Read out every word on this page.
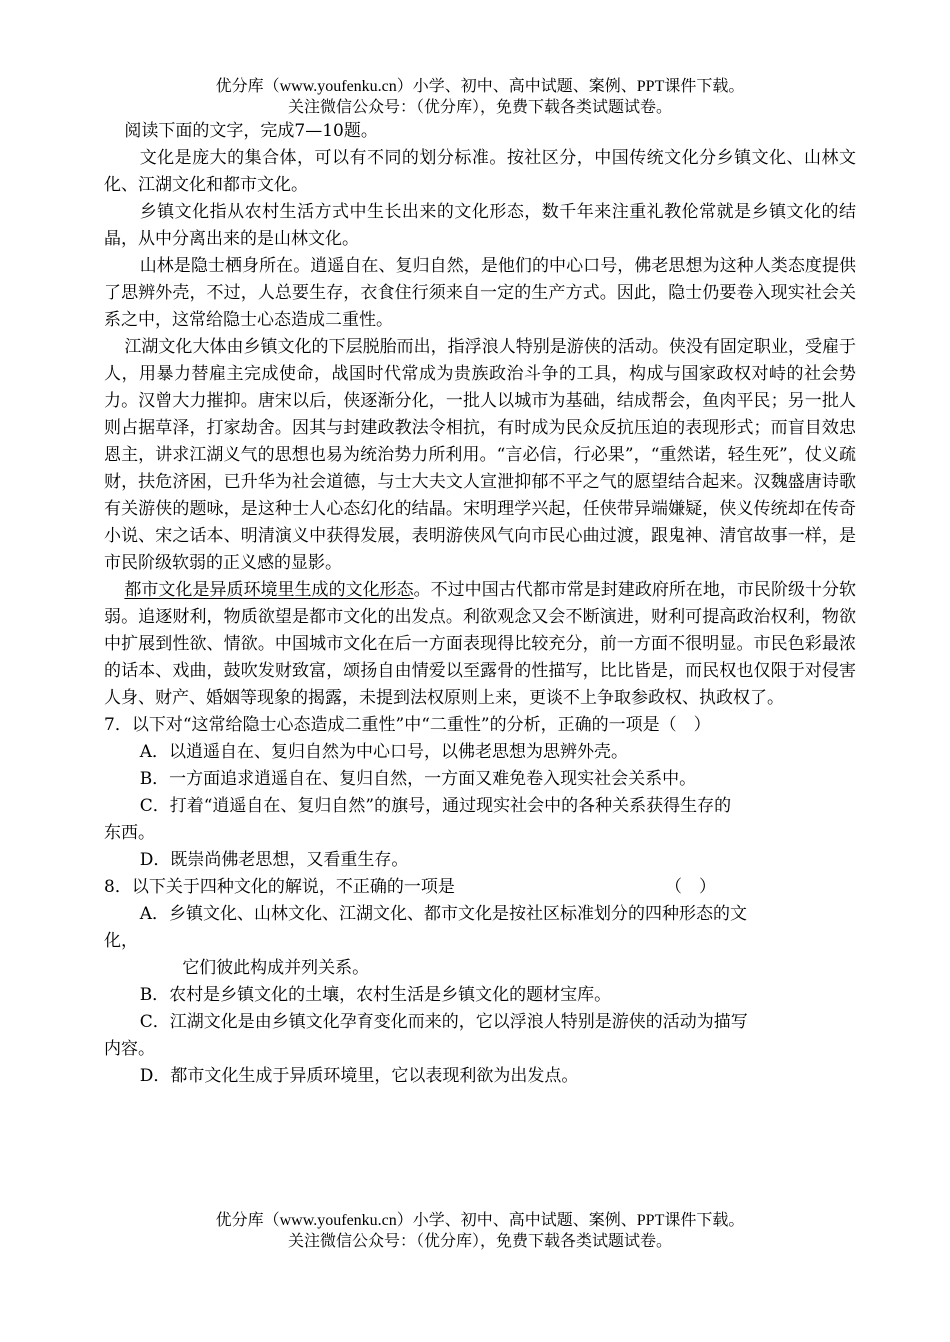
优分库（www.youfenku.cn）小学、初中、高中试题、案例、PPT课件下载。
关注微信公众号：（优分库），免费下载各类试题试卷。

阅读下面的文字，完成7—10题。

文化是庞大的集合体，可以有不同的划分标准。按社区分，中国传统文化分乡镇文化、山林文化、江湖文化和都市文化。

乡镇文化指从农村生活方式中生长出来的文化形态，数千年来注重礼教伦常就是乡镇文化的结晶，从中分离出来的是山林文化。

山林是隐士栖身所在。逍遥自在、复归自然，是他们的中心口号，佛老思想为这种人类态度提供了思辨外壳，不过，人总要生存，衣食住行须来自一定的生产方式。因此，隐士仍要卷入现实社会关系之中，这常给隐士心态造成二重性。

江湖文化大体由乡镇文化的下层脱胎而出，指浮浪人特别是游侠的活动。侠没有固定职业，受雇于人，用暴力替雇主完成使命，战国时代常成为贵族政治斗争的工具，构成与国家政权对峙的社会势力。汉曾大力摧抑。唐宋以后，侠逐渐分化，一批人以城市为基础，结成帮会，鱼肉平民；另一批人则占据草泽，打家劫舍。因其与封建政教法令相抗，有时成为民众反抗压迫的表现形式；而盲目效忠恩主，讲求江湖义气的思想也易为统治势力所利用。“言必信，行必果”，“重然诺，轻生死”，仗义疏财，扶危济困，已升华为社会道德，与士大夫文人宣泄抑郁不平之气的愿望结合起来。汉魏盛唐诗歌有关游侠的题咏，是这种士人心态幻化的结晶。宋明理学兴起，任侠带异端嫌疑，侠义传统却在传奇小说、宋之话本、明清演义中获得发展，表明游侠风气向市民心曲过渡，跟鬼神、清官故事一样，是市民阶级软弱的正义感的显影。

都市文化是异质环境里生成的文化形态。不过中国古代都市常是封建政府所在地，市民阶级十分软弱。追逐财利，物质欲望是都市文化的出发点。利欲观念又会不断演进，财利可提高政治权利，物欲中扩展到性欲、情欲。中国城市文化在后一方面表现得比较充分，前一方面不很明显。市民色彩最浓的话本、戏曲，鼓吹发财致富，颂扬自由情爱以至露骨的性描写，比比皆是，而民权也仅限于对侵害人身、财产、婚姻等现象的揭露，未提到法权原则上来，更谈不上争取参政权、执政权了。

7．以下对“这常给隐士心态造成二重性”中“二重性”的分析，正确的一项是（　）

A．以逍遥自在、复归自然为中心口号，以佛老思想为思辨外壳。

B．一方面追求逍遥自在、复归自然，一方面又难免卷入现实社会关系中。

C．打着“逍遥自在、复归自然”的旗号，通过现实社会中的各种关系获得生存的

东西。

D．既崇尚佛老思想，又看重生存。

8．以下关于四种文化的解说，不正确的一项是	（　）

A．乡镇文化、山林文化、江湖文化、都市文化是按社区标准划分的四种形态的文

化，

它们彼此构成并列关系。

B．农村是乡镇文化的土壤，农村生活是乡镇文化的题材宝库。

C．江湖文化是由乡镇文化孕育变化而来的，它以浮浪人特别是游侠的活动为描写

内容。

D．都市文化生成于异质环境里，它以表现利欲为出发点。

优分库（www.youfenku.cn）小学、初中、高中试题、案例、PPT课件下载。
关注微信公众号：（优分库），免费下载各类试题试卷。
